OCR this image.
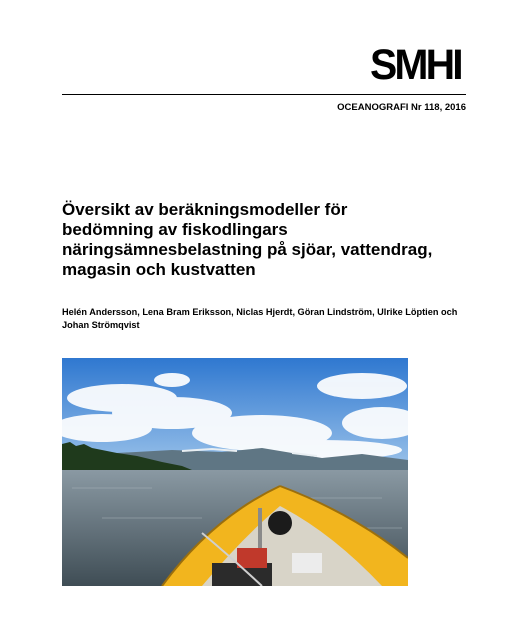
SMHI
OCEANOGRAFI Nr 118, 2016
Översikt av beräkningsmodeller för bedömning av fiskodlingars näringsämnesbelastning på sjöar, vattendrag, magasin och kustvatten
Helén Andersson, Lena Bram Eriksson, Niclas Hjerdt, Göran Lindström, Ulrike Löptien och Johan Strömqvist
